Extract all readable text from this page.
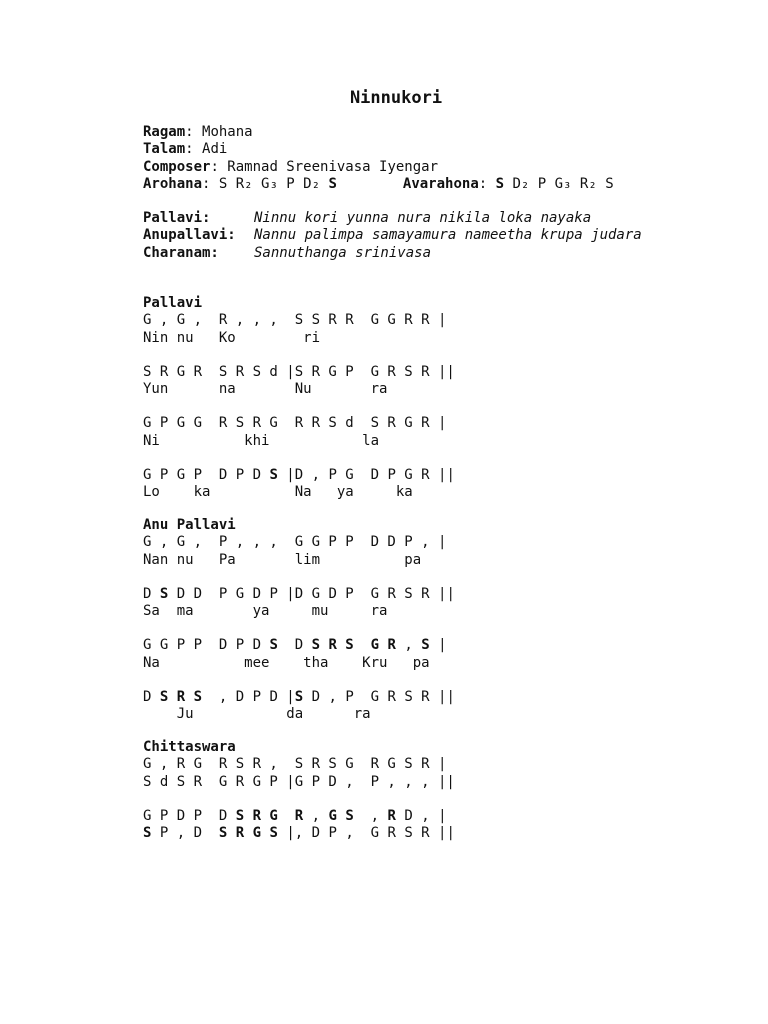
Ninnukori
Ragam: Mohana
Talam: Adi
Composer: Ramnad Sreenivasa Iyengar
Arohana: S R₂ G₃ P D₂ S	Avarahona: S D₂ P G₃ R₂ S
Pallavi:	Ninnu kori yunna nura nikila loka nayaka
Anupallavi: Nannu palimpa samayamura nameetha krupa judara
Charanam:	Sannuthanga srinivasa
Pallavi
G , G ,  R , , ,  S S R R  G G R R |
Nin nu   Ko        ri
S R G R  S R S d |S R G P  G R S R ||
Yun      na       Nu       ra
G P G G  R S R G  R R S d  S R G R |
Ni          khi           la
G P G P  D P D S |D , P G  D P G R ||
Lo    ka          Na   ya     ka
Anu Pallavi
G , G ,  P , , ,  G G P P  D D P , |
Nan nu   Pa       lim          pa
D S D D  P G D P |D G D P  G R S R ||
Sa  ma       ya     mu     ra
G G P P  D P D S  D S R S G R , S |
Na          mee    tha    Kru   pa
D S R S  , D P D |S D , P  G R S R ||
Ju           da      ra
Chittaswara
G , R G  R S R ,  S R S G  R G S R |
S d S R  G R G P |G P D ,  P , , , ||
G P D P  D S R G R , G S  , R D , |
S P , D  S R G S |, D P ,  G R S R ||
